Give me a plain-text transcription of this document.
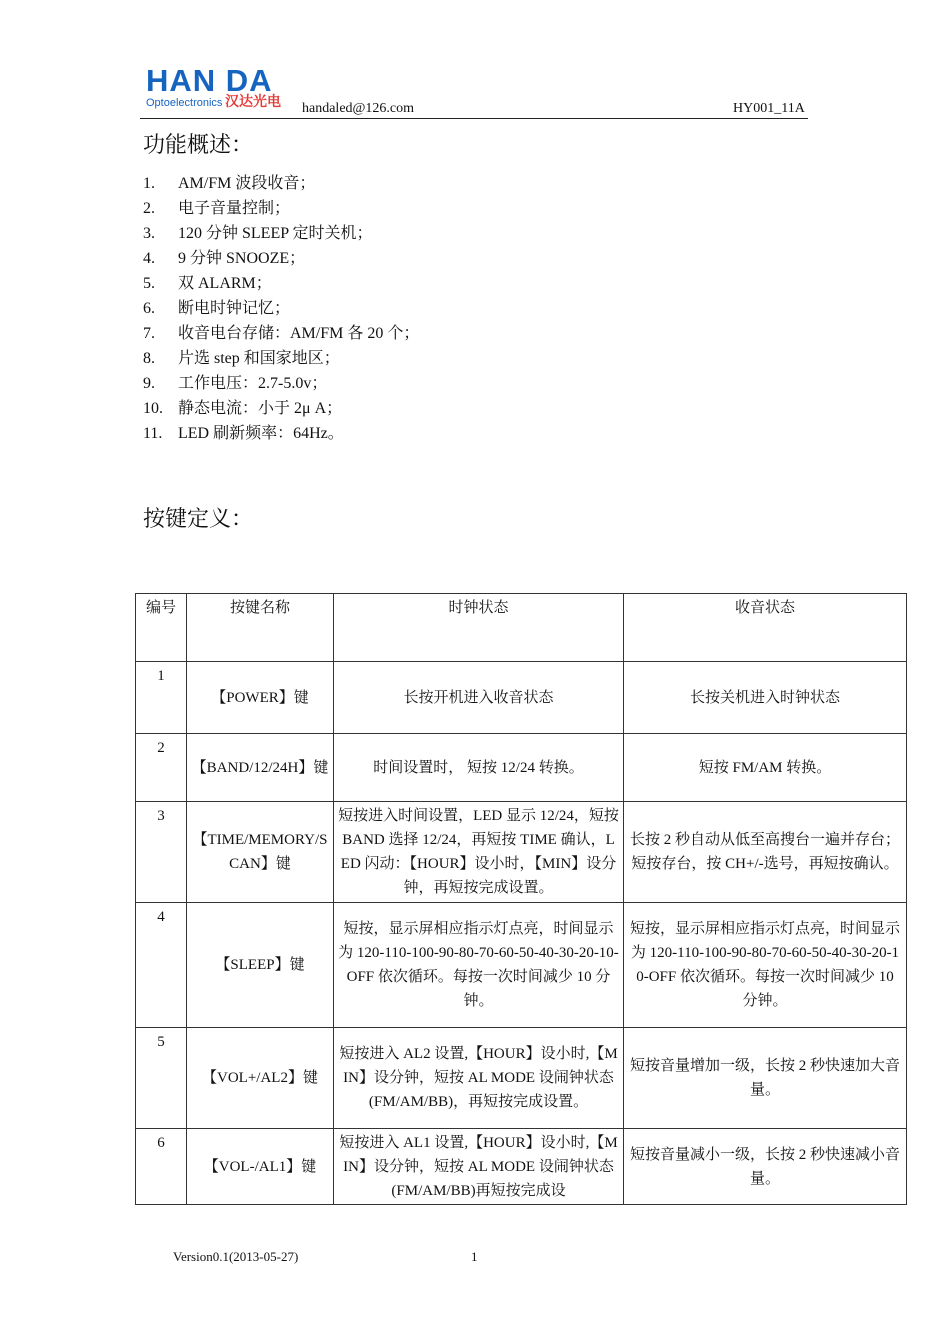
HAN DA
Optoelectronics 汉达光电 handaled@126.com	HY001_11A
功能概述：
1. AM/FM 波段收音；
2. 电子音量控制；
3. 120 分钟 SLEEP 定时关机；
4. 9 分钟 SNOOZE；
5. 双 ALARM；
6. 断电时钟记忆；
7. 收音电台存储：AM/FM 各 20 个；
8. 片选 step 和国家地区；
9. 工作电压：2.7-5.0v；
10. 静态电流：小于 2μ A；
11. LED 刷新频率：64Hz。
按键定义：
编号	按键名称	时钟状态	收音状态
1	【POWER】键	长按开机进入收音状态	长按关机进入时钟状态
2	【BAND/12/24H】键	时间设置时， 短按 12/24 转换。	短按 FM/AM 转换。
3	【TIME/MEMORY/SCAN】键	短按进入时间设置，LED 显示 12/24，短按 BAND 选择 12/24，再短按 TIME 确认，LED 闪动：【HOUR】设小时，【MIN】设分钟，再短按完成设置。	长按 2 秒自动从低至高搜台一遍并存台；短按存台，按 CH+/-选号，再短按确认。
4	【SLEEP】键	短按，显示屏相应指示灯点亮，时间显示为 120-110-100-90-80-70-60-50-40-30-20-10-OFF 依次循环。每按一次时间减少 10 分钟。	短按，显示屏相应指示灯点亮，时间显示为 120-110-100-90-80-70-60-50-40-30-20-10-OFF 依次循环。每按一次时间减少 10 分钟。
5	【VOL+/AL2】键	短按进入 AL2 设置,【HOUR】设小时,【MIN】设分钟，短按 AL MODE 设闹钟状态(FM/AM/BB)，再短按完成设置。	短按音量增加一级，长按 2 秒快速加大音量。
6	【VOL-/AL1】键	短按进入 AL1 设置,【HOUR】设小时,【MIN】设分钟，短按 AL MODE 设闹钟状态(FM/AM/BB)再短按完成设	短按音量减小一级，长按 2 秒快速减小音量。
Version0.1(2013-05-27)	1
